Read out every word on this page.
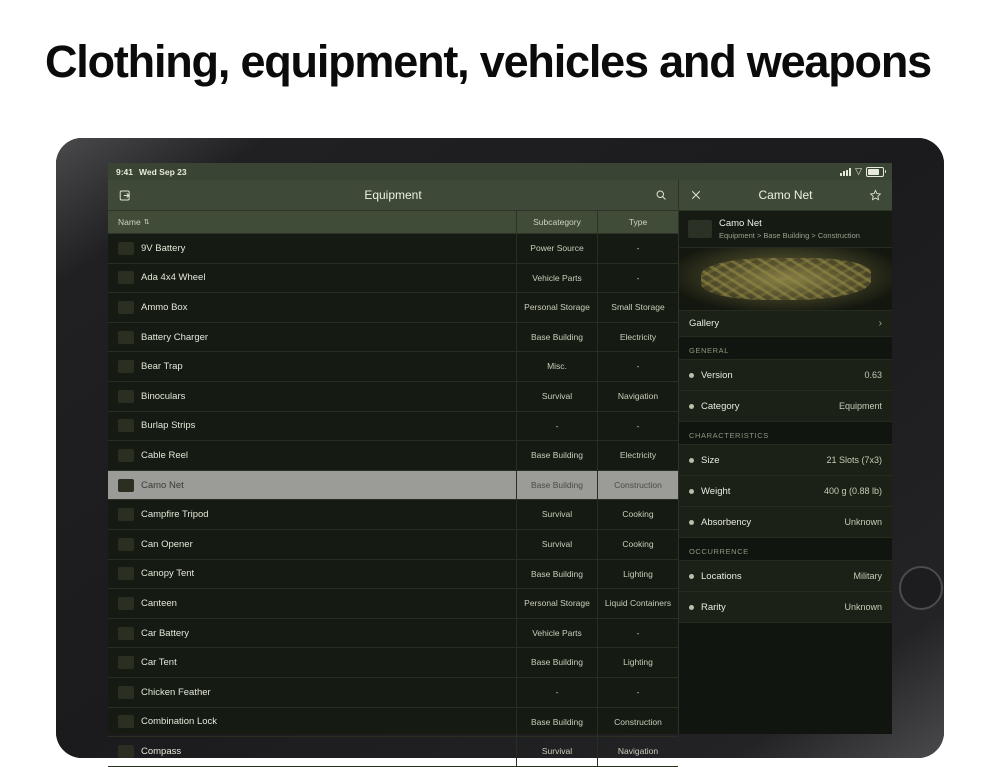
Clothing, equipment, vehicles and weapons
9:41 Wed Sep 23	▽
Equipment	Camo Net
Name ⇅	Subcategory	Type
9V Battery	Power Source	-
Ada 4x4 Wheel	Vehicle Parts	-
Ammo Box	Personal Storage	Small Storage
Battery Charger	Base Building	Electricity
Bear Trap	Misc.	-
Binoculars	Survival	Navigation
Burlap Strips	-	-
Cable Reel	Base Building	Electricity
Camo Net	Base Building	Construction
Campfire Tripod	Survival	Cooking
Can Opener	Survival	Cooking
Canopy Tent	Base Building	Lighting
Canteen	Personal Storage	Liquid Containers
Car Battery	Vehicle Parts	-
Car Tent	Base Building	Lighting
Chicken Feather	-	-
Combination Lock	Base Building	Construction
Compass	Survival	Navigation
Camo Net
Equipment > Base Building > Construction
Gallery	›
GENERAL
Version	0.63
Category	Equipment
CHARACTERISTICS
Size	21 Slots (7x3)
Weight	400 g (0.88 lb)
Absorbency	Unknown
OCCURRENCE
Locations	Military
Rarity	Unknown
